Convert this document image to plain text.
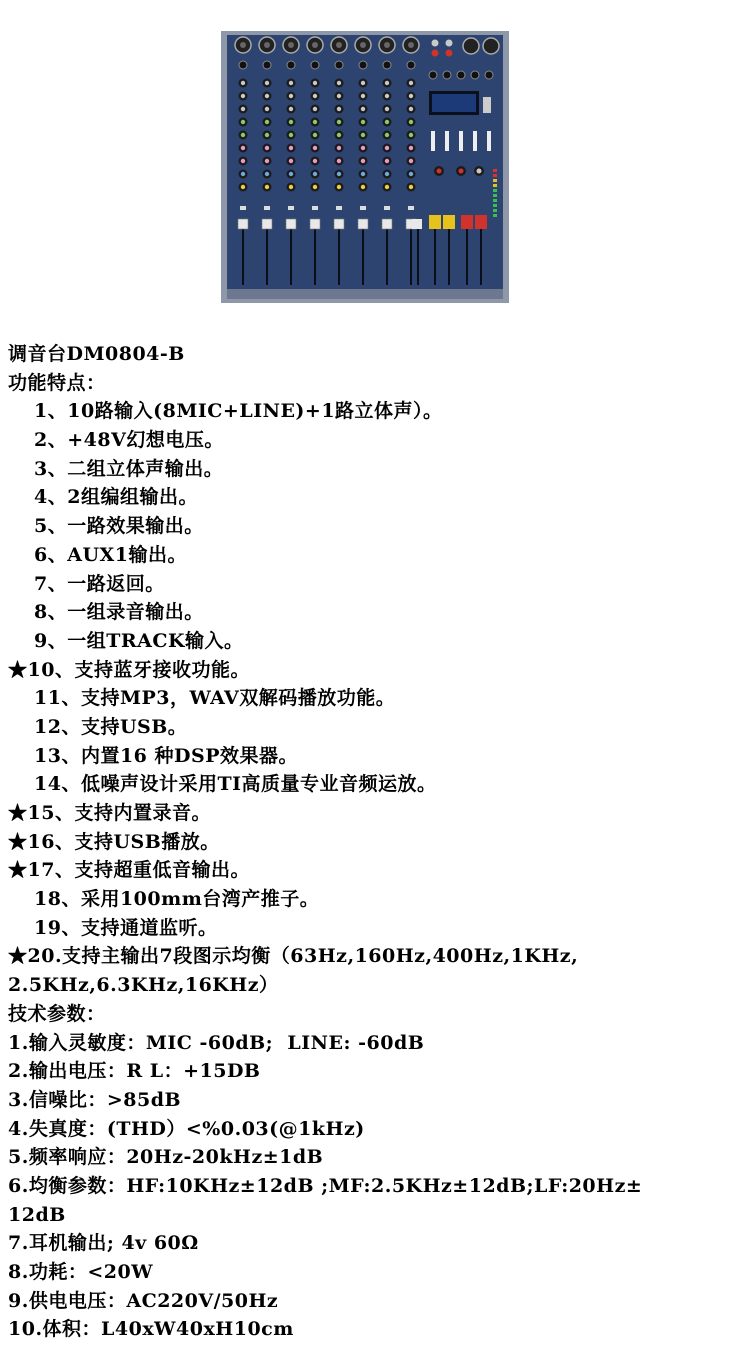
调音台DM0804-B
功能特点：
1、10路输入(8MIC+LINE)+1路立体声）。
2、+48V幻想电压。
3、二组立体声输出。
4、2组编组输出。
5、一路效果输出。
6、AUX1输出。
7、一路返回。
8、一组录音输出。
9、一组TRACK输入。
★10、支持蓝牙接收功能。
11、支持MP3，WAV双解码播放功能。
12、支持USB。
13、内置16 种DSP效果器。
14、低噪声设计采用TI高质量专业音频运放。
★15、支持内置录音。
★16、支持USB播放。
★17、支持超重低音输出。
18、采用100mm台湾产推子。
19、支持通道监听。
★20.支持主输出7段图示均衡（63Hz,160Hz,400Hz,1KHz,
2.5KHz,6.3KHz,16KHz）
技术参数：
1.输入灵敏度：MIC -60dB;  LINE: -60dB
2.输出电压：R L：+15DB
3.信噪比：>85dB
4.失真度：(THD）<%0.03(@1kHz)
5.频率响应：20Hz-20kHz±1dB
6.均衡参数：HF:10KHz±12dB ;MF:2.5KHz±12dB;LF:20Hz±
12dB
7.耳机输出; 4v 60Ω
8.功耗：<20W
9.供电电压：AC220V/50Hz
10.体积：L40xW40xH10cm
